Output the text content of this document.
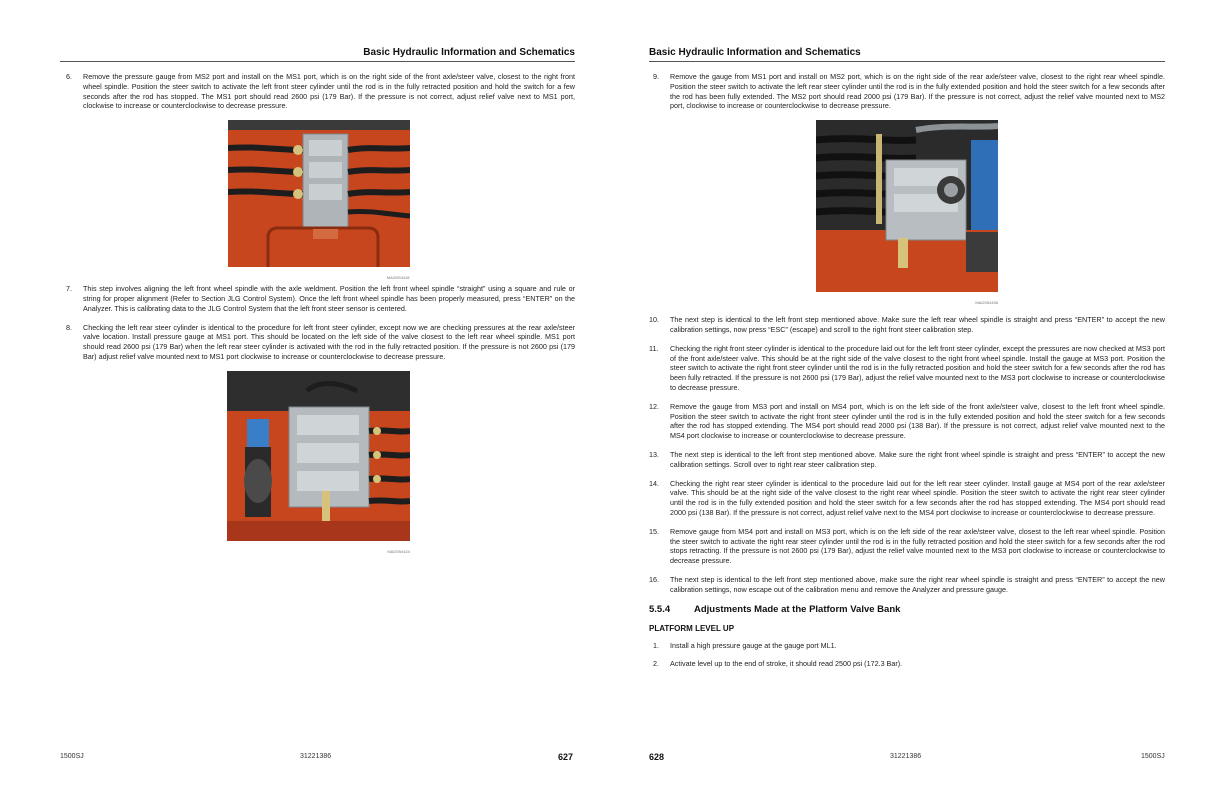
Basic Hydraulic Information and Schematics
6. Remove the pressure gauge from MS2 port and install on the MS1 port, which is on the right side of the front axle/steer valve, closest to the right front wheel spindle. Position the steer switch to activate the left front steer cylinder until the rod is in the fully retracted position and hold the switch for a few seconds after the rod has stopped. The MS1 port should read 2600 psi (179 Bar). If the pressure is not correct, adjust relief valve next to MS1 port, clockwise to increase or counterclockwise to decrease pressure.
MAI2054418
7. This step involves aligning the left front wheel spindle with the axle weldment. Position the left front wheel spindle “straight” using a square and rule or string for proper alignment (Refer to Section JLG Control System). Once the left front wheel spindle has been properly measured, press “ENTER” on the Analyzer. This is calibrating data to the JLG Control System that the left front steer sensor is centered.
8. Checking the left rear steer cylinder is identical to the procedure for left front steer cylinder, except now we are checking pressures at the rear axle/steer valve location. Install pressure gauge at MS1 port. This should be located on the left side of the valve closest to the left rear wheel spindle. MS1 port should read 2600 psi (179 Bar) when the left rear steer cylinder is activated with the rod in the fully retracted position. If the pressure is not 2600 psi (179 Bar) adjust relief valve mounted next to MS1 port clockwise to increase or counterclockwise to decrease pressure.
MAI2054424
1500SJ	31221386	627
Basic Hydraulic Information and Schematics
9. Remove the gauge from MS1 port and install on MS2 port, which is on the right side of the rear axle/steer valve, closest to the right rear wheel spindle. Position the steer switch to activate the left rear steer cylinder until the rod is in the fully extended position and hold the steer switch for a few seconds after the rod has been fully extended. The MS2 port should read 2000 psi (179 Bar). If the pressure is not correct, adjust the relief valve mounted next to MS2 port, clockwise to increase or counterclockwise to decrease pressure.
MAI2054436
10. The next step is identical to the left front step mentioned above. Make sure the left rear wheel spindle is straight and press “ENTER” to accept the new calibration settings, now press “ESC” (escape) and scroll to the right front steer calibration step.
11. Checking the right front steer cylinder is identical to the procedure laid out for the left front steer cylinder, except the pressures are now checked at MS3 port of the front axle/steer valve. This should be at the right side of the valve closest to the right front wheel spindle. Install the gauge at MS3 port. Position the steer switch to activate the right front steer cylinder until the rod is in the fully retracted position and hold the steer switch for a few seconds after the rod has been fully retracted. If the pressure is not 2600 psi (179 Bar), adjust the relief valve mounted next to the MS3 port clockwise to increase or counterclockwise to decrease pressure.
12. Remove the gauge from MS3 port and install on MS4 port, which is on the left side of the front axle/steer valve, closest to the left front wheel spindle. Position the steer switch to activate the right front steer cylinder until the rod is in the fully extended position and hold the steer switch for a few seconds after the rod has stopped extending. The MS4 port should read 2000 psi (138 Bar). If the pressure is not correct, adjust relief valve mounted next to the MS4 port clockwise to increase or counterclockwise to decrease pressure.
13. The next step is identical to the left front step mentioned above. Make sure the right front wheel spindle is straight and press “ENTER” to accept the new calibration settings. Scroll over to right rear steer calibration step.
14. Checking the right rear steer cylinder is identical to the procedure laid out for the left rear steer cylinder. Install gauge at MS4 port of the rear axle/steer valve. This should be at the right side of the valve closest to the right rear wheel spindle. Position the steer switch to activate the right rear steer cylinder until the rod is in the fully extended position and hold the steer switch for a few seconds after the rod has stopped extending. The MS4 port should read 2000 psi (138 Bar). If the pressure is not correct, adjust relief valve next to the MS4 port clockwise to increase or counterclockwise to decrease pressure.
15. Remove gauge from MS4 port and install on MS3 port, which is on the left side of the rear axle/steer valve, closest to the left rear wheel spindle. Position the steer switch to activate the right rear steer cylinder until the rod is in the fully retracted position and hold the steer switch for a few seconds after the rod stops retracting. If the pressure is not 2600 psi (179 Bar), adjust the relief valve mounted next to the MS3 port clockwise to increase or counterclockwise to decrease pressure.
16. The next step is identical to the left front step mentioned above, make sure the right rear wheel spindle is straight and press “ENTER” to accept the new calibration settings, now escape out of the calibration menu and remove the Analyzer and pressure gauge.
5.5.4	Adjustments Made at the Platform Valve Bank
PLATFORM LEVEL UP
1. Install a high pressure gauge at the gauge port ML1.
2. Activate level up to the end of stroke, it should read 2500 psi (172.3 Bar).
628	31221386	1500SJ
